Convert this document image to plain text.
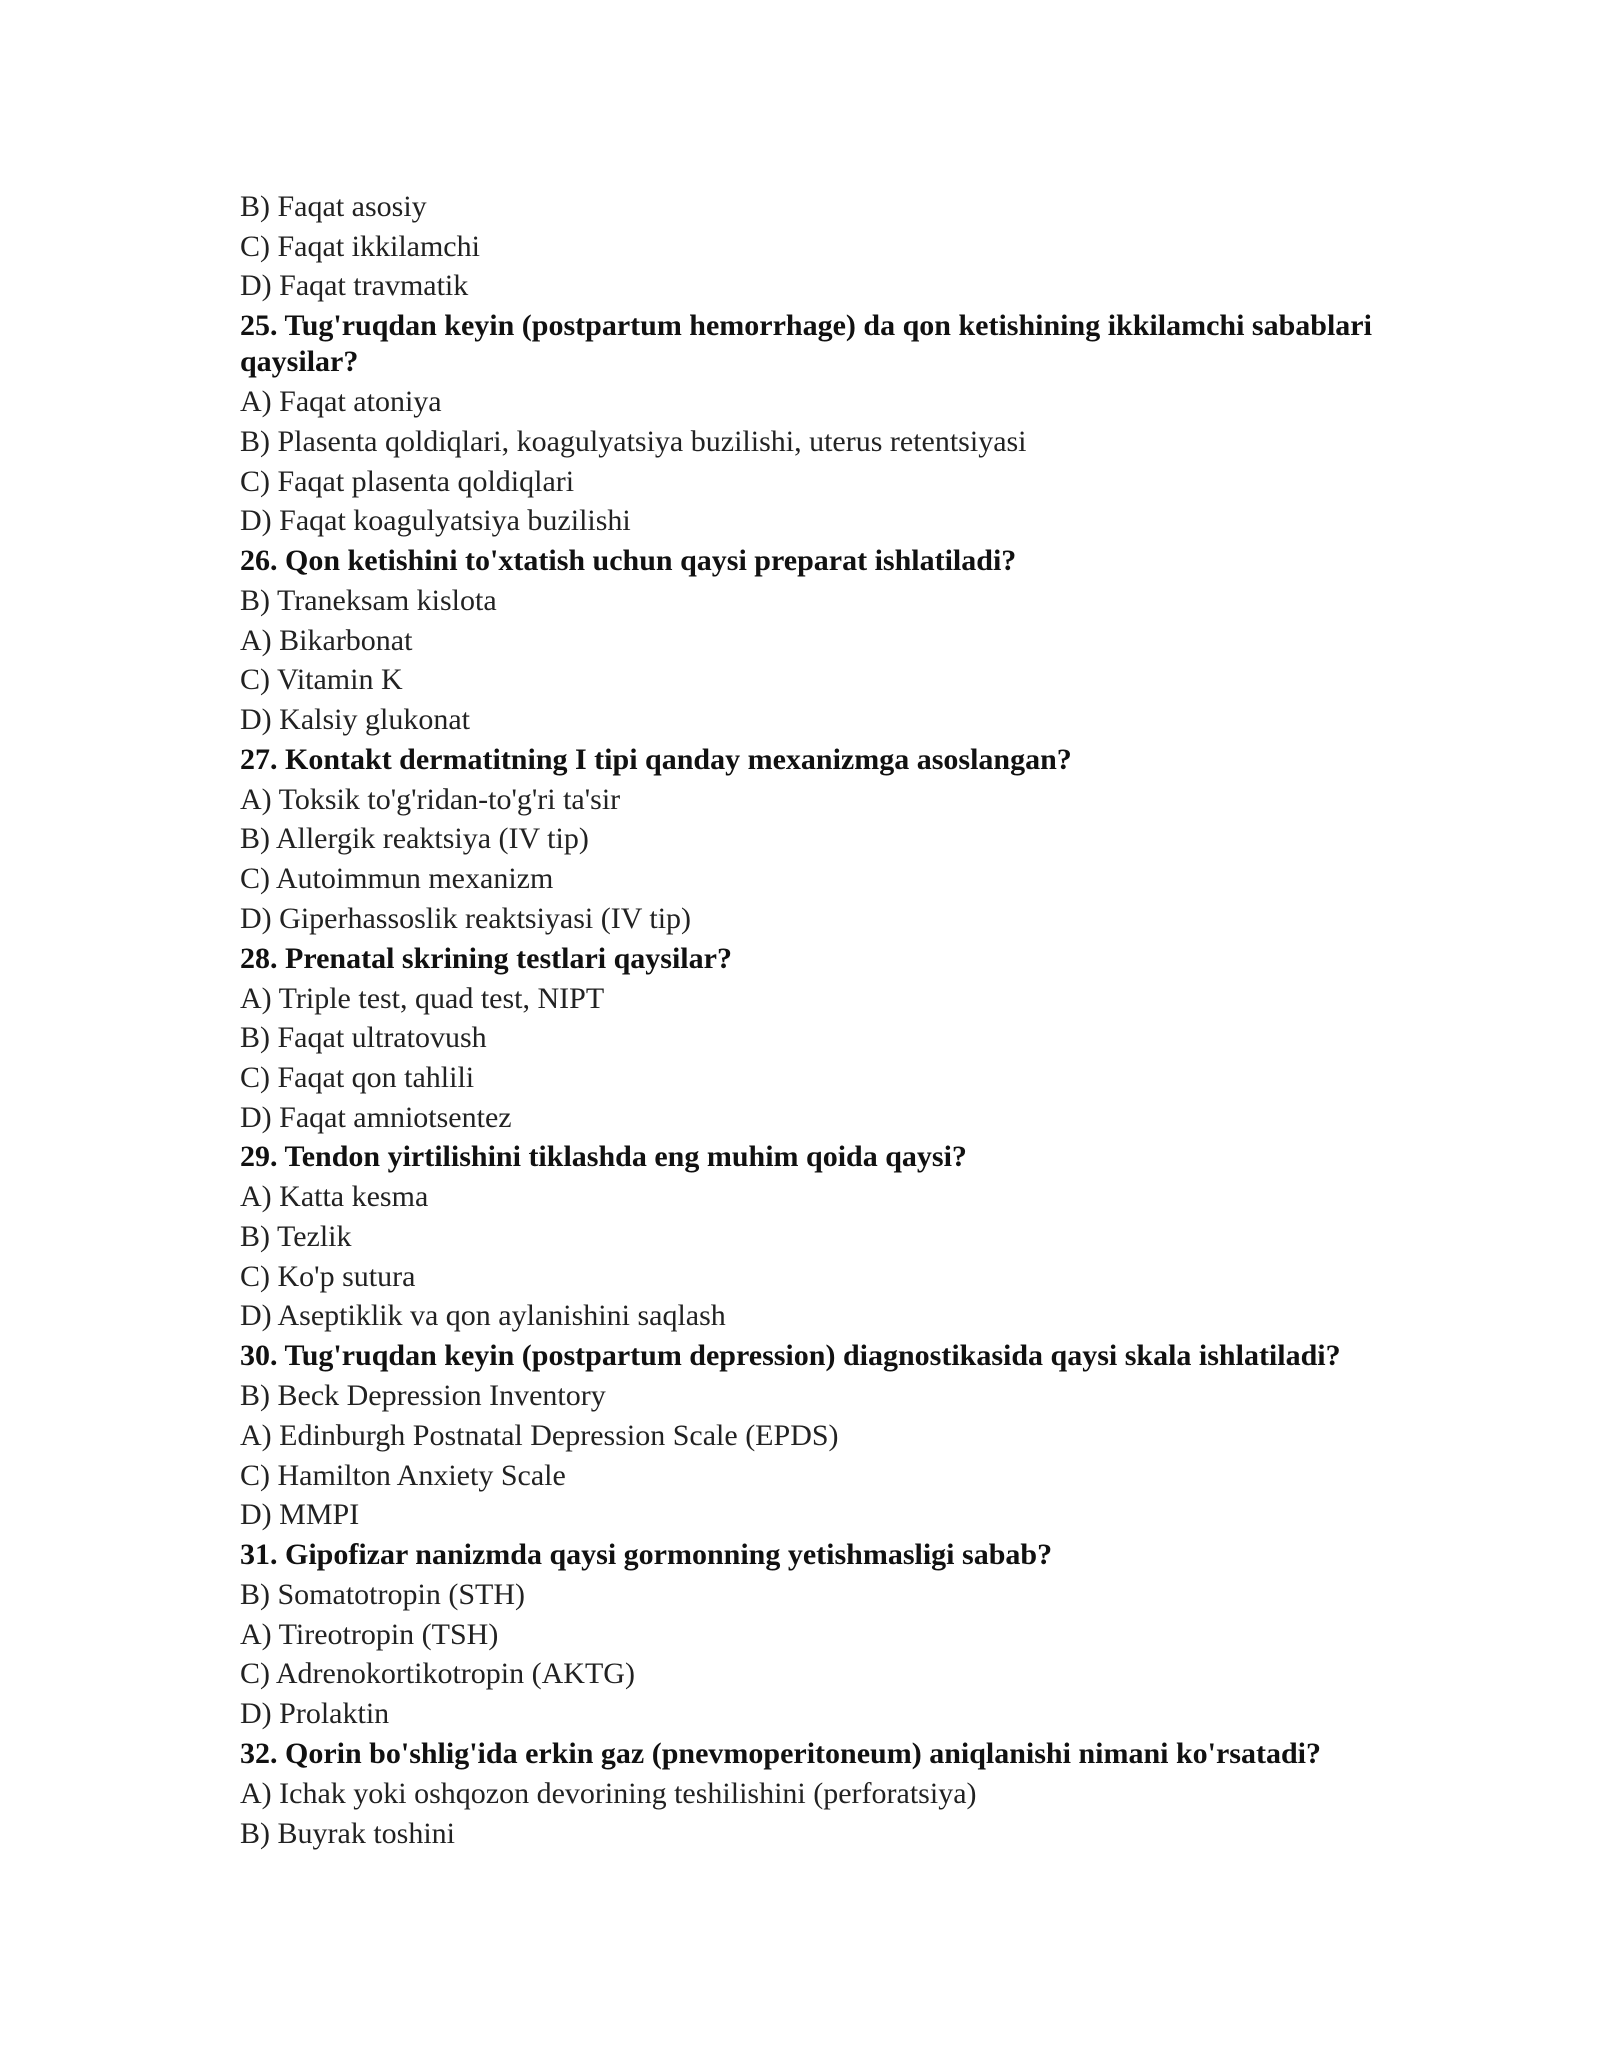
B) Faqat asosiy
C) Faqat ikkilamchi
D) Faqat travmatik
25. Tug'ruqdan keyin (postpartum hemorrhage) da qon ketishining ikkilamchi sabablari qaysilar?
A) Faqat atoniya
B) Plasenta qoldiqlari, koagulyatsiya buzilishi, uterus retentsiyasi
C) Faqat plasenta qoldiqlari
D) Faqat koagulyatsiya buzilishi
26. Qon ketishini to'xtatish uchun qaysi preparat ishlatiladi?
B) Traneksam kislota
A) Bikarbonat
C) Vitamin K
D) Kalsiy glukonat
27. Kontakt dermatitning I tipi qanday mexanizmga asoslangan?
A) Toksik to'g'ridan-to'g'ri ta'sir
B) Allergik reaktsiya (IV tip)
C) Autoimmun mexanizm
D) Giperhassoslik reaktsiyasi (IV tip)
28. Prenatal skrining testlari qaysilar?
A) Triple test, quad test, NIPT
B) Faqat ultratovush
C) Faqat qon tahlili
D) Faqat amniotsentez
29. Tendon yirtilishini tiklashda eng muhim qoida qaysi?
A) Katta kesma
B) Tezlik
C) Ko'p sutura
D) Aseptiklik va qon aylanishini saqlash
30. Tug'ruqdan keyin (postpartum depression) diagnostikasida qaysi skala ishlatiladi?
B) Beck Depression Inventory
A) Edinburgh Postnatal Depression Scale (EPDS)
C) Hamilton Anxiety Scale
D) MMPI
31. Gipofizar nanizmda qaysi gormonning yetishmasligi sabab?
B) Somatotropin (STH)
A) Tireotropin (TSH)
C) Adrenokortikotropin (AKTG)
D) Prolaktin
32. Qorin bo'shlig'ida erkin gaz (pnevmoperitoneum) aniqlanishi nimani ko'rsatadi?
A) Ichak yoki oshqozon devorining teshilishini (perforatsiya)
B) Buyrak toshini
